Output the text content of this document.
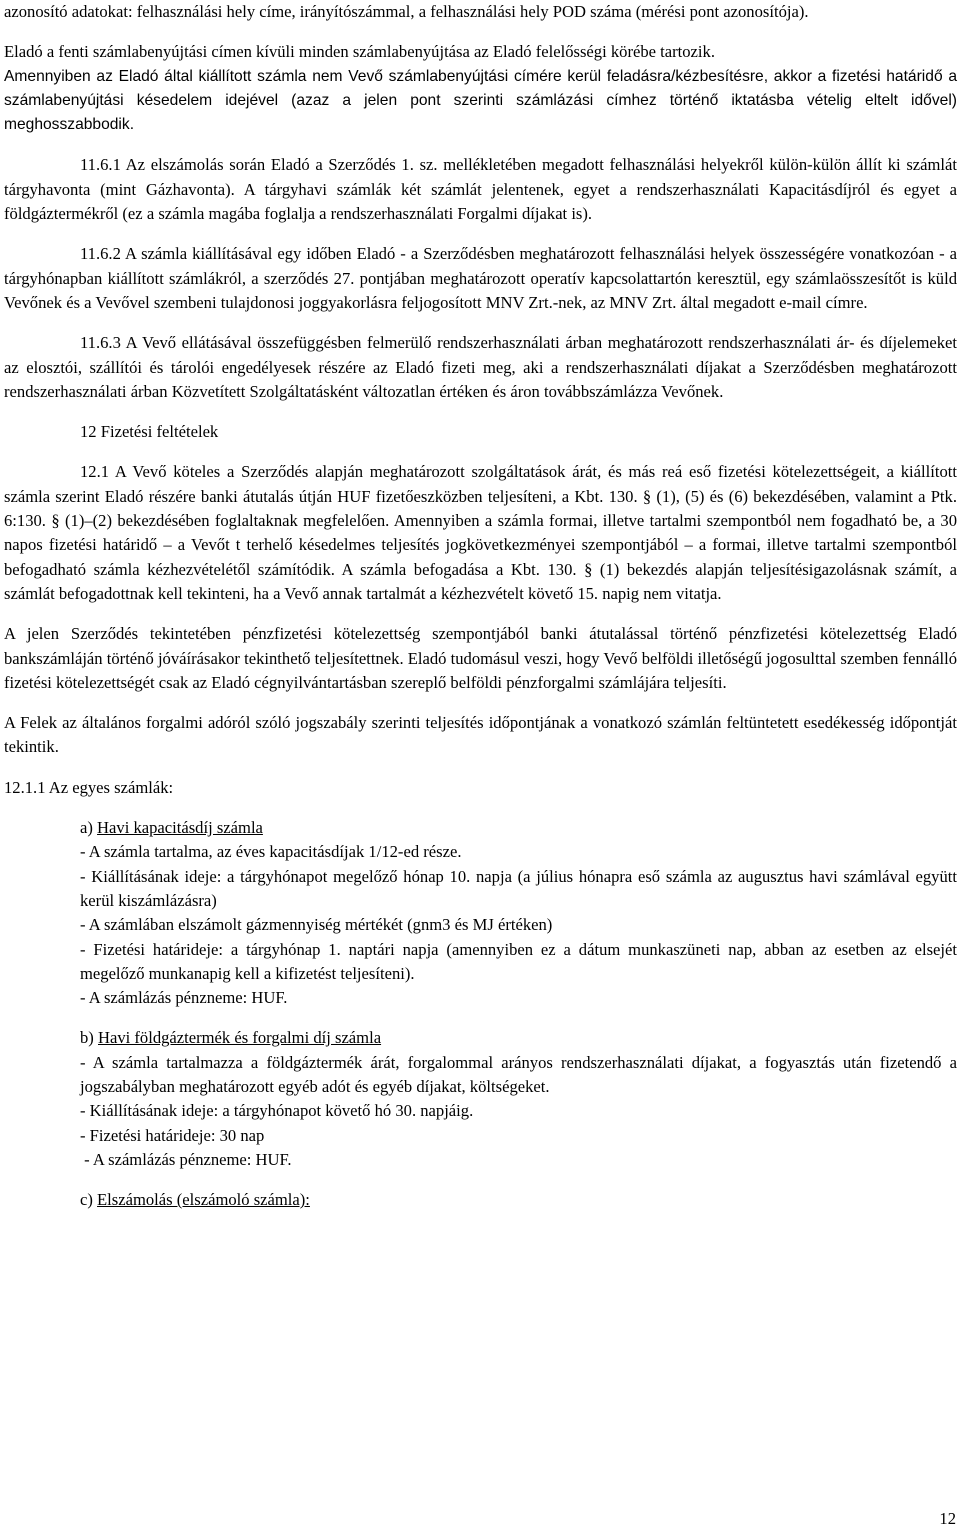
azonosító adatokat: felhasználási hely címe, irányítószámmal, a felhasználási hely POD száma (mérési pont azonosítója).

Eladó a fenti számlabenyújtási címen kívüli minden számlabenyújtása az Eladó felelősségi körébe tartozik.

Amennyiben az Eladó által kiállított számla nem Vevő számlabenyújtási címére kerül feladásra/kézbesítésre, akkor a fizetési határidő a számlabenyújtási késedelem idejével (azaz a jelen pont szerinti számlázási címhez történő iktatásba vételig eltelt idővel) meghosszabbodik.

11.6.1 Az elszámolás során Eladó a Szerződés 1. sz. mellékletében megadott felhasználási helyekről külön-külön állít ki számlát tárgyhavonta (mint Gázhavonta). A tárgyhavi számlák két számlát jelentenek, egyet a rendszerhasználati Kapacitásdíjról és egyet a földgáztermékről (ez a számla magába foglalja a rendszerhasználati Forgalmi díjakat is).

11.6.2 A számla kiállításával egy időben Eladó - a Szerződésben meghatározott felhasználási helyek összességére vonatkozóan - a tárgyhónapban kiállított számlákról, a szerződés 27. pontjában meghatározott operatív kapcsolattartón keresztül, egy számlaösszesítőt is küld Vevőnek és a Vevővel szembeni tulajdonosi joggyakorlásra feljogosított MNV Zrt.-nek, az MNV Zrt. által megadott e-mail címre.

11.6.3 A Vevő ellátásával összefüggésben felmerülő rendszerhasználati árban meghatározott rendszerhasználati ár- és díjelemeket az elosztói, szállítói és tárolói engedélyesek részére az Eladó fizeti meg, aki a rendszerhasználati díjakat a Szerződésben meghatározott rendszerhasználati árban Közvetített Szolgáltatásként változatlan értéken és áron továbbszámlázza Vevőnek.

12 Fizetési feltételek

12.1 A Vevő köteles a Szerződés alapján meghatározott szolgáltatások árát, és más reá eső fizetési kötelezettségeit, a kiállított számla szerint Eladó részére banki átutalás útján HUF fizetőeszközben teljesíteni, a Kbt. 130. § (1), (5) és (6) bekezdésében, valamint a Ptk. 6:130. § (1)–(2) bekezdésében foglaltaknak megfelelően. Amennyiben a számla formai, illetve tartalmi szempontból nem fogadható be, a 30 napos fizetési határidő – a Vevőt t terhelő késedelmes teljesítés jogkövetkezményei szempontjából – a formai, illetve tartalmi szempontból befogadható számla kézhezvételétől számítódik. A számla befogadása a Kbt. 130. § (1) bekezdés alapján teljesítésigazolásnak számít, a számlát befogadottnak kell tekinteni, ha a Vevő annak tartalmát a kézhezvételt követő 15. napig nem vitatja.

A jelen Szerződés tekintetében pénzfizetési kötelezettség szempontjából banki átutalással történő pénzfizetési kötelezettség Eladó bankszámláján történő jóváírásakor tekinthető teljesítettnek. Eladó tudomásul veszi, hogy Vevő belföldi illetőségű jogosulttal szemben fennálló fizetési kötelezettségét csak az Eladó cégnyilvántartásban szereplő belföldi pénzforgalmi számlájára teljesíti.

A Felek az általános forgalmi adóról szóló jogszabály szerinti teljesítés időpontjának a vonatkozó számlán feltüntetett esedékesség időpontját tekintik.

12.1.1 Az egyes számlák:

a) Havi kapacitásdíj számla

- A számla tartalma, az éves kapacitásdíjak 1/12-ed része.

- Kiállításának ideje: a tárgyhónapot megelőző hónap 10. napja (a július hónapra eső számla az augusztus havi számlával együtt kerül kiszámlázásra)

- A számlában elszámolt gázmennyiség mértékét (gnm3 és MJ értéken)

- Fizetési határideje: a tárgyhónap 1. naptári napja (amennyiben ez a dátum munkaszüneti nap, abban az esetben az elsejét megelőző munkanapig kell a kifizetést teljesíteni).

- A számlázás pénzneme: HUF.

b) Havi földgáztermék és forgalmi díj számla

- A számla tartalmazza a földgáztermék árát, forgalommal arányos rendszerhasználati díjakat, a fogyasztás után fizetendő a jogszabályban meghatározott egyéb adót és egyéb díjakat, költségeket.

- Kiállításának ideje: a tárgyhónapot követő hó 30. napjáig.

- Fizetési határideje: 30 nap

- A számlázás pénzneme: HUF.

c) Elszámolás (elszámoló számla):

12
